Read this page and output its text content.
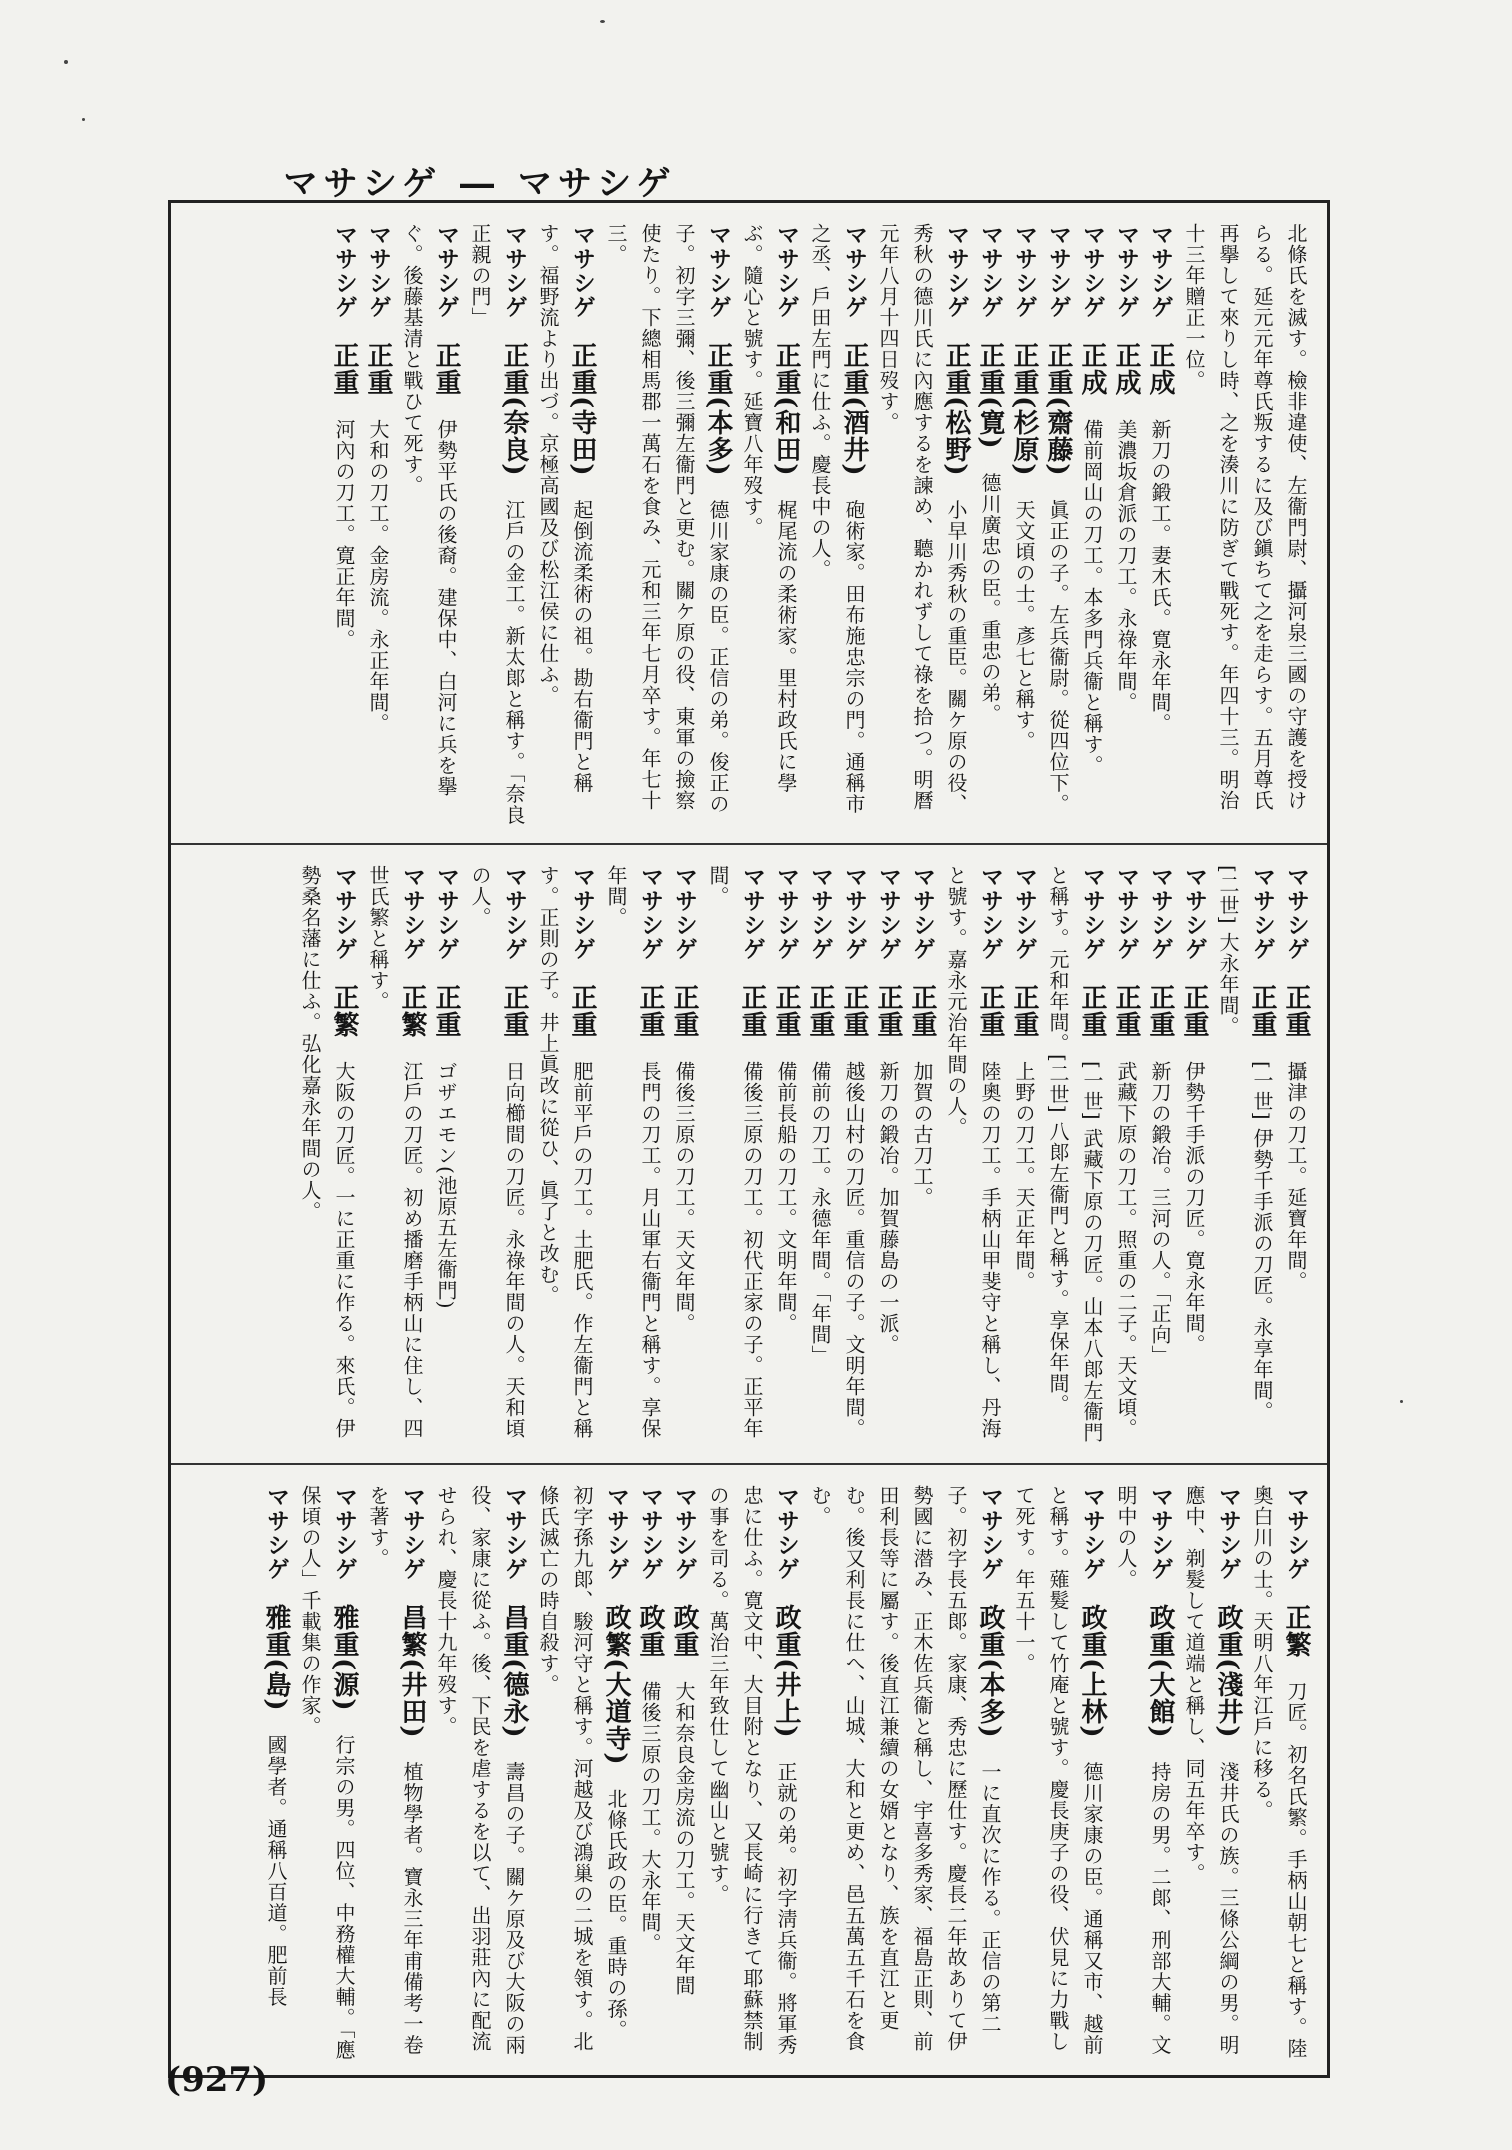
マサシゲ ― マサシゲ
北條氏を滅す。檢非違使、左衞門尉、攝河泉三國の守護を授けらる。延元元年尊氏叛するに及び鎭ちて之を走らす。五月尊氏再擧して來りし時、之を湊川に防ぎて戰死す。年四十三。明治十三年贈正一位。
マサシゲ　正成　新刀の鍛工。妻木氏。寛永年間。
マサシゲ　正成　美濃坂倉派の刀工。永祿年間。
マサシゲ　正成　備前岡山の刀工。本多門兵衞と稱す。
マサシゲ　正重(齋藤)　眞正の子。左兵衞尉。從四位下。
マサシゲ　正重(杉原)　天文頃の士。彥七と稱す。
マサシゲ　正重(寛)　德川廣忠の臣。重忠の弟。
マサシゲ　正重(松野)　小早川秀秋の重臣。關ケ原の役、秀秋の德川氏に內應するを諫め、聽かれずして祿を拾つ。明曆元年八月十四日歿す。
マサシゲ　正重(酒井)　砲術家。田布施忠宗の門。通稱市之丞、戶田左門に仕ふ。慶長中の人。
マサシゲ　正重(和田)　梶尾流の柔術家。里村政氏に學ぶ。隨心と號す。延寶八年歿す。
マサシゲ　正重(本多)　德川家康の臣。正信の弟。俊正の子。初字三彌、後三彌左衞門と更む。關ケ原の役、東軍の撿察使たり。下總相馬郡一萬石を食み、元和三年七月卒す。年七十三。
マサシゲ　正重(寺田)　起倒流柔術の祖。勘右衞門と稱す。福野流より出づ。京極高國及び松江侯に仕ふ。
マサシゲ　正重(奈良)　江戶の金工。新太郞と稱す。「奈良正親の門」
マサシゲ　正重　伊勢平氏の後裔。建保中、白河に兵を擧ぐ。後藤基清と戰ひて死す。
マサシゲ　正重　大和の刀工。金房流。永正年間。
マサシゲ　正重　河內の刀工。寛正年間。
マサシゲ　正重　攝津の刀工。延寶年間。
マサシゲ　正重　[一世] 伊勢千手派の刀匠。永享年間。[二世] 大永年間。
マサシゲ　正重　伊勢千手派の刀匠。寛永年間。
マサシゲ　正重　新刀の鍛冶。三河の人。「正向」
マサシゲ　正重　武藏下原の刀工。照重の二子。天文頃。
マサシゲ　正重　[一世] 武藏下原の刀匠。山本八郞左衞門と稱す。元和年間。[二世] 八郞左衞門と稱す。享保年間。
マサシゲ　正重　上野の刀工。天正年間。
マサシゲ　正重　陸奧の刀工。手柄山甲斐守と稱し、丹海と號す。嘉永元治年間の人。
マサシゲ　正重　加賀の古刀工。
マサシゲ　正重　新刀の鍛冶。加賀藤島の一派。
マサシゲ　正重　越後山村の刀匠。重信の子。文明年間。
マサシゲ　正重　備前の刀工。永德年間。「年間」
マサシゲ　正重　備前長船の刀工。文明年間。
マサシゲ　正重　備後三原の刀工。初代正家の子。正平年間。
マサシゲ　正重　備後三原の刀工。天文年間。
マサシゲ　正重　長門の刀工。月山軍右衞門と稱す。享保年間。
マサシゲ　正重　肥前平戶の刀工。土肥氏。作左衞門と稱す。正則の子。井上眞改に從ひ、眞了と改む。
マサシゲ　正重　日向櫛間の刀匠。永祿年間の人。天和頃の人。
マサシゲ　正重　ゴザエモン(池原五左衞門)
マサシゲ　正繁　江戶の刀匠。初め播磨手柄山に住し、四世氏繁と稱す。
マサシゲ　正繁　大阪の刀匠。一に正重に作る。來氏。伊勢桑名藩に仕ふ。弘化嘉永年間の人。
マサシゲ　正繁　刀匠。初名氏繁。手柄山朝七と稱す。陸奧白川の士。天明八年江戶に移る。
マサシゲ　政重(淺井)　淺井氏の族。三條公綱の男。明應中、剃髮して道端と稱し、同五年卒す。
マサシゲ　政重(大館)　持房の男。二郞、刑部大輔。文明中の人。
マサシゲ　政重(上林)　德川家康の臣。通稱又市、越前と稱す。薙髮して竹庵と號す。慶長庚子の役、伏見に力戰して死す。年五十一。
マサシゲ　政重(本多)　一に直次に作る。正信の第二子。初字長五郞。家康、秀忠に歷仕す。慶長二年故ありて伊勢國に潜み、正木佐兵衞と稱し、宇喜多秀家、福島正則、前田利長等に屬す。後直江兼續の女婿となり、族を直江と更む。後又利長に仕へ、山城、大和と更め、邑五萬五千石を食む。
マサシゲ　政重(井上)　正就の弟。初字淸兵衞。將軍秀忠に仕ふ。寛文中、大目附となり、又長崎に行きて耶蘇禁制の事を司る。萬治三年致仕して幽山と號す。
マサシゲ　政重　大和奈良金房流の刀工。天文年間
マサシゲ　政重　備後三原の刀工。大永年間。
マサシゲ　政繁(大道寺)　北條氏政の臣。重時の孫。初字孫九郞、駿河守と稱す。河越及び鴻巢の二城を領す。北條氏滅亡の時自殺す。
マサシゲ　昌重(德永)　壽昌の子。關ケ原及び大阪の兩役、家康に從ふ。後、下民を虐するを以て、出羽莊內に配流せられ、慶長十九年歿す。
マサシゲ　昌繁(井田)　植物學者。寶永三年甫備考一卷を著す。
マサシゲ　雅重(源)　行宗の男。四位、中務權大輔。「應保頃の人」千載集の作家。
マサシゲ　雅重(島)　國學者。通稱八百道。肥前長
(927)
